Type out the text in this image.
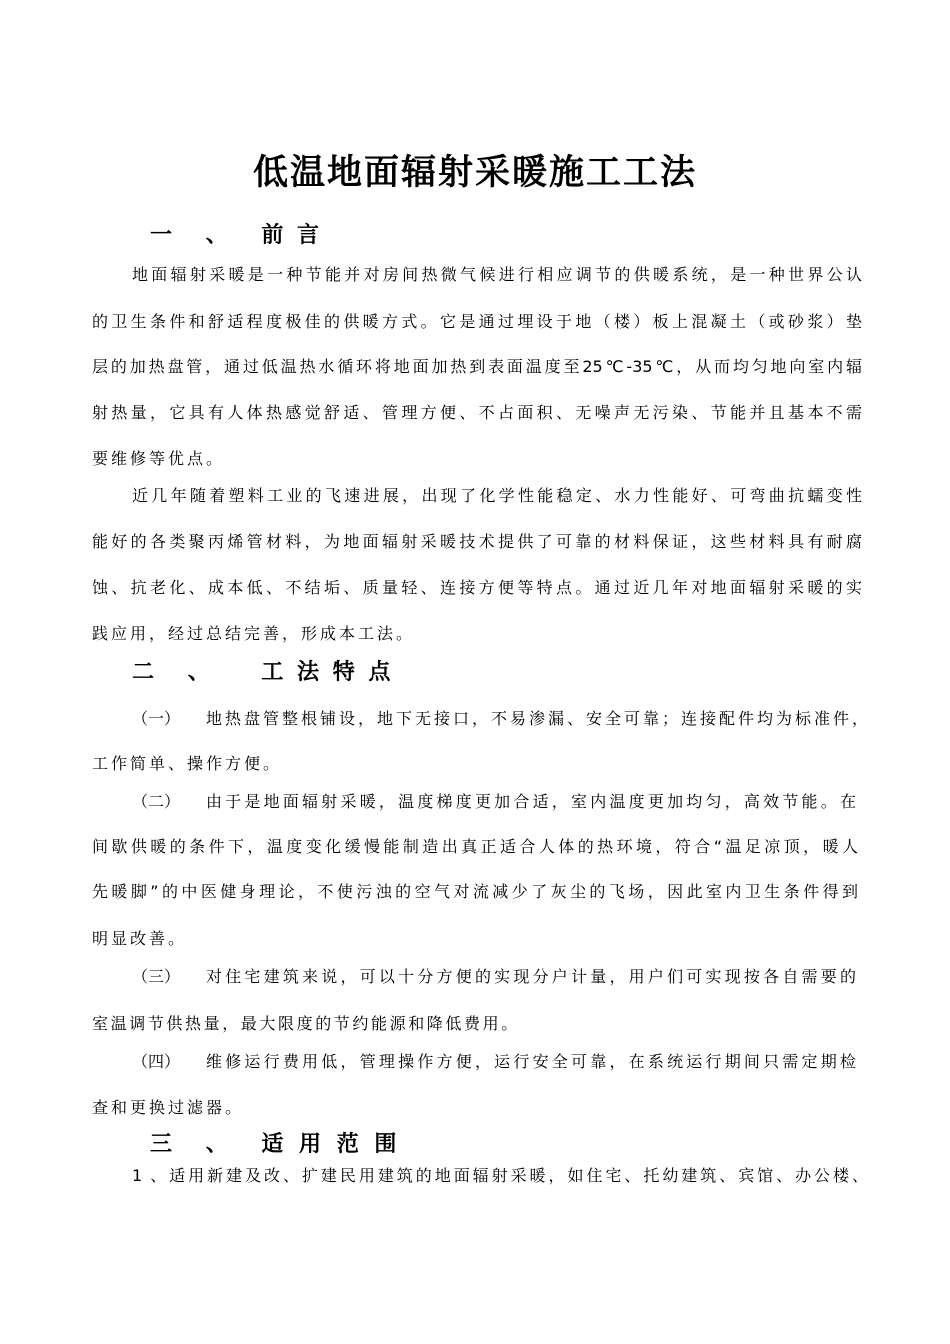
低温地面辐射采暖施工工法
一 、 前 言
地面辐射采暖是一种节能并对房间热微气候进行相应调节的供暖系统，是一种世界公认
的卫生条件和舒适程度极佳的供暖方式。它是通过埋设于地（楼）板上混凝土（或砂浆）垫
层的加热盘管，通过低温热水循环将地面加热到表面温度至25℃-35℃，从而均匀地向室内辐
射热量，它具有人体热感觉舒适、管理方便、不占面积、无噪声无污染、节能并且基本不需
要维修等优点。
近几年随着塑料工业的飞速进展，出现了化学性能稳定、水力性能好、可弯曲抗蠕变性
能好的各类聚丙烯管材料，为地面辐射采暖技术提供了可靠的材料保证，这些材料具有耐腐
蚀、抗老化、成本低、不结垢、质量轻、连接方便等特点。通过近几年对地面辐射采暖的实
践应用，经过总结完善，形成本工法。
二 、 工 法 特 点
（一） 地热盘管整根铺设，地下无接口，不易渗漏、安全可靠；连接配件均为标准件，
工作简单、操作方便。
（二） 由于是地面辐射采暖，温度梯度更加合适，室内温度更加均匀，高效节能。在
间歇供暖的条件下，温度变化缓慢能制造出真正适合人体的热环境，符合“温足凉顶，暖人
先暖脚”的中医健身理论，不使污浊的空气对流减少了灰尘的飞场，因此室内卫生条件得到
明显改善。
（三） 对住宅建筑来说，可以十分方便的实现分户计量，用户们可实现按各自需要的
室温调节供热量，最大限度的节约能源和降低费用。
（四） 维修运行费用低，管理操作方便，运行安全可靠，在系统运行期间只需定期检
查和更换过滤器。
三 、 适 用 范 围
1 、适用新建及改、扩建民用建筑的地面辐射采暖，如住宅、托幼建筑、宾馆、办公楼、
